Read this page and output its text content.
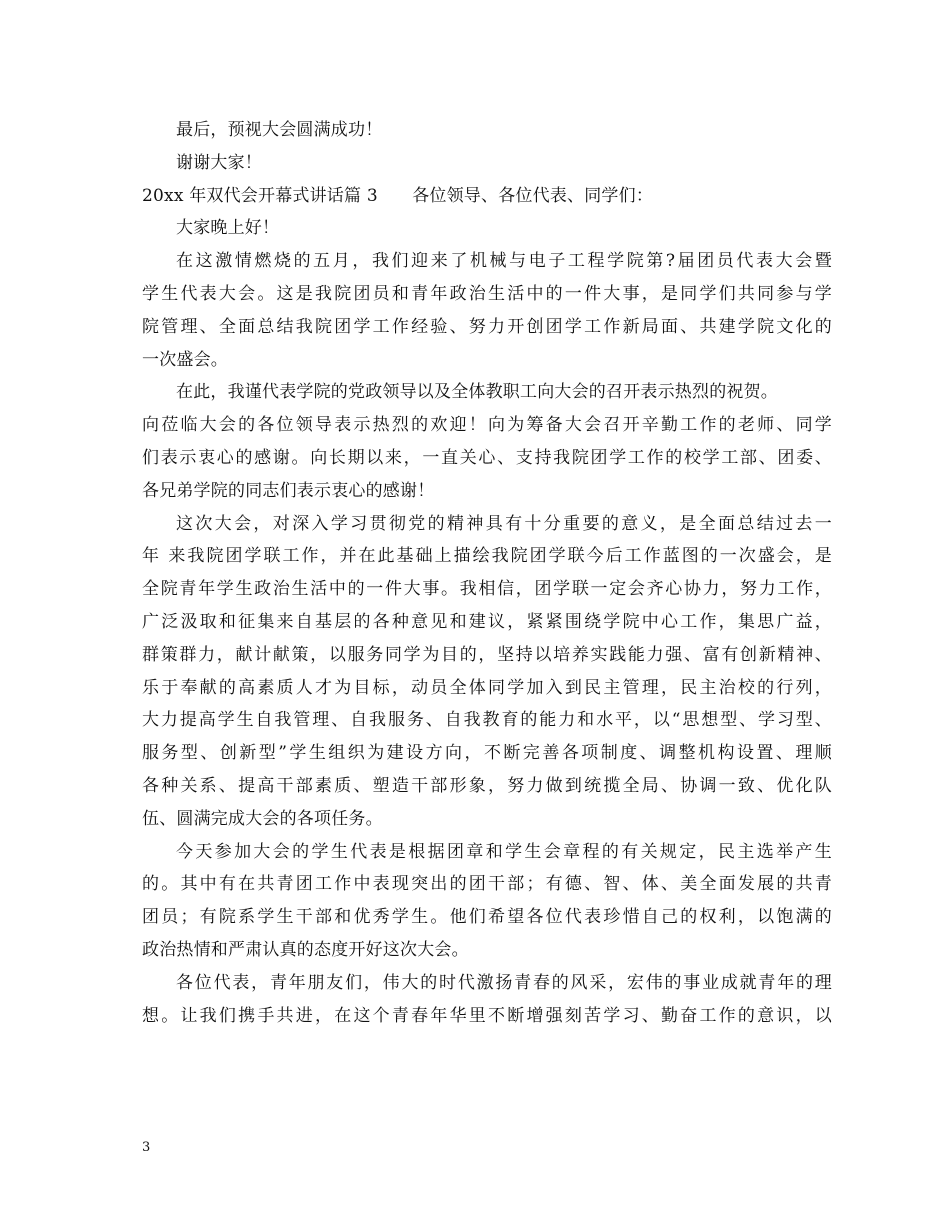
最后，预视大会圆满成功！
谢谢大家！
20xx 年双代会开幕式讲话篇 3　　各位领导、各位代表、同学们：
大家晚上好！
在这激情燃烧的五月，我们迎来了机械与电子工程学院第?届团员代表大会暨
学生代表大会。这是我院团员和青年政治生活中的一件大事，是同学们共同参与学
院管理、全面总结我院团学工作经验、努力开创团学工作新局面、共建学院文化的
一次盛会。
在此，我谨代表学院的党政领导以及全体教职工向大会的召开表示热烈的祝贺。
向莅临大会的各位领导表示热烈的欢迎！向为筹备大会召开辛勤工作的老师、同学
们表示衷心的感谢。向长期以来，一直关心、支持我院团学工作的校学工部、团委、
各兄弟学院的同志们表示衷心的感谢！
这次大会，对深入学习贯彻党的精神具有十分重要的意义，是全面总结过去一
年 来我院团学联工作，并在此基础上描绘我院团学联今后工作蓝图的一次盛会，是
全院青年学生政治生活中的一件大事。我相信，团学联一定会齐心协力，努力工作，
广泛汲取和征集来自基层的各种意见和建议，紧紧围绕学院中心工作，集思广益，
群策群力，献计献策，以服务同学为目的，坚持以培养实践能力强、富有创新精神、
乐于奉献的高素质人才为目标，动员全体同学加入到民主管理，民主治校的行列，
大力提高学生自我管理、自我服务、自我教育的能力和水平，以“思想型、学习型、
服务型、创新型”学生组织为建设方向，不断完善各项制度、调整机构设置、理顺
各种关系、提高干部素质、塑造干部形象，努力做到统揽全局、协调一致、优化队
伍、圆满完成大会的各项任务。
今天参加大会的学生代表是根据团章和学生会章程的有关规定，民主选举产生
的。其中有在共青团工作中表现突出的团干部；有德、智、体、美全面发展的共青
团员；有院系学生干部和优秀学生。他们希望各位代表珍惜自己的权利，以饱满的
政治热情和严肃认真的态度开好这次大会。
各位代表，青年朋友们，伟大的时代激扬青春的风采，宏伟的事业成就青年的理
想。让我们携手共进，在这个青春年华里不断增强刻苦学习、勤奋工作的意识，以
3
